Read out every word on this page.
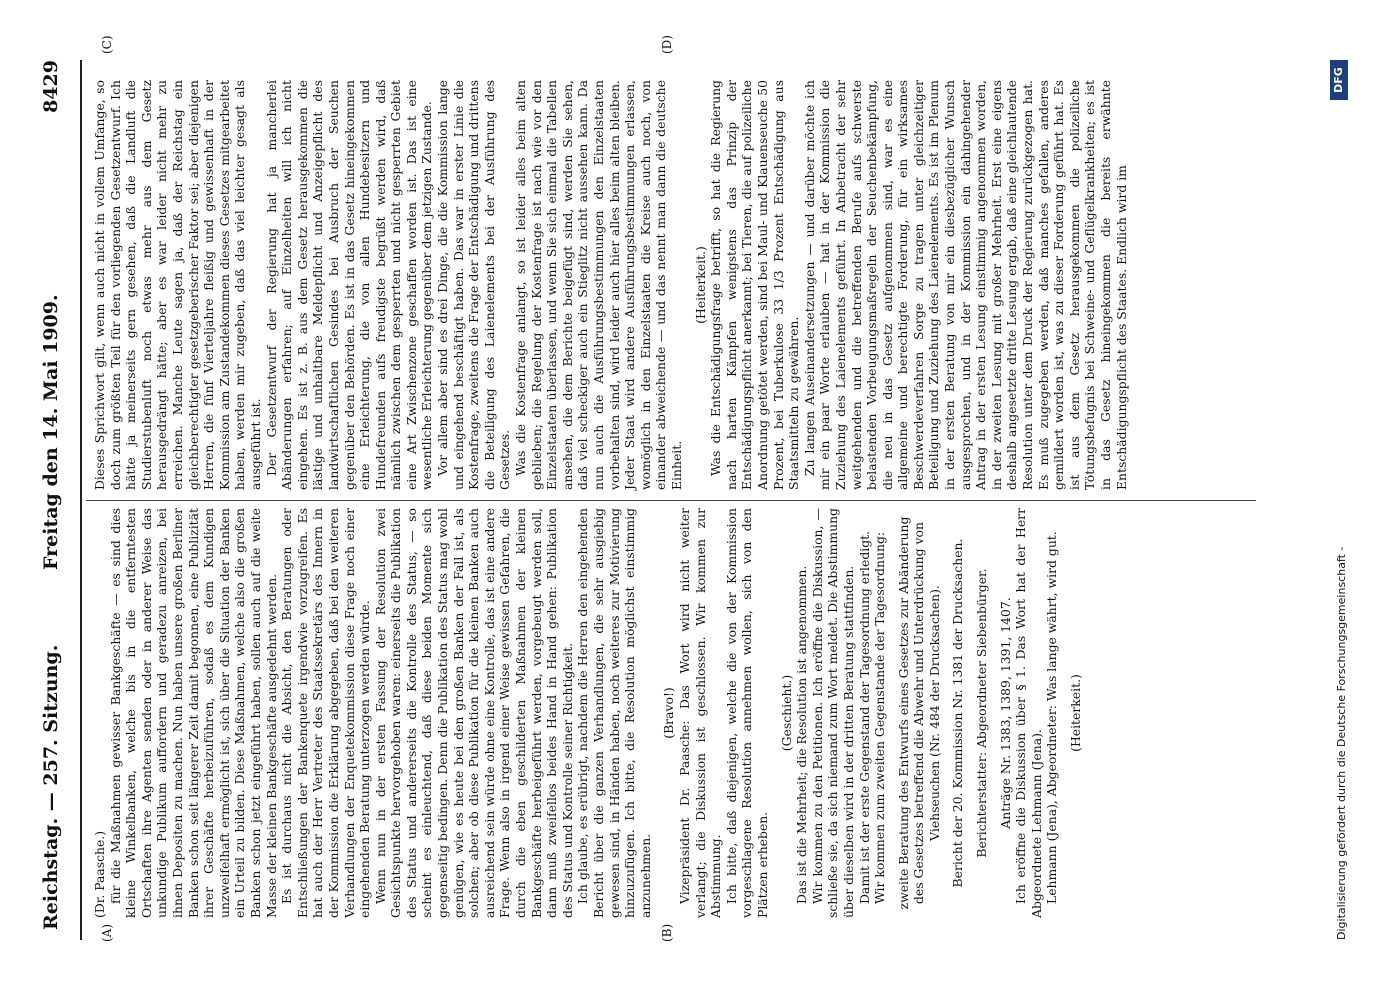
Reichstag. — 257. Sitzung.
Freitag den 14. Mai 1909.
8429
(A)	(B)
(C)	(D)

(Dr. Paasche.) für die Maßnahmen gewisser Bankgeschäfte — es sind dies kleine Winkelbanken, welche bis in die entferntesten Ortschaften ihre Agenten senden oder in anderer Weise das unkundige Publikum auffordern und geradezu anreizen, bei ihnen Depositen zu machen. Nun haben unsere großen Berliner Banken schon seit längerer Zeit damit begonnen, eine Publizität ihrer Geschäfte herbeizuführen, sodaß es dem Kundigen unzweifelhaft ermöglicht ist, sich über die Situation der Banken ein Urteil zu bilden. Diese Maßnahmen, welche also die großen Banken schon jetzt eingeführt haben, sollen auch auf die weite Masse der kleinen Bankgeschäfte ausgedehnt werden. Es ist durchaus nicht die Absicht, den Beratungen oder Entschließungen der Bankenquete irgendwie vorzugreifen. Es hat auch der Herr Vertreter des Staatssekretärs des Innern in der Kommission die Erklärung abgegeben, daß bei den weiteren Verhandlungen der Enquetekommission diese Frage noch einer eingehenden Beratung unterzogen werden würde. Wenn nun in der ersten Fassung der Resolution zwei Gesichtspunkte hervorgehoben waren: einerseits die Publikation des Status und andererseits die Kontrolle des Status, — so scheint es einleuchtend, daß diese beiden Momente sich gegenseitig bedingen. Denn die Publikation des Status mag wohl genügen, wie es heute bei den großen Banken der Fall ist, als solchen; aber ob diese Publikation für die kleinen Banken auch ausreichend sein würde ohne eine Kontrolle, das ist eine andere Frage. Wenn also in irgend einer Weise gewissen Gefahren, die durch die eben geschilderten Maßnahmen der kleinen Bankgeschäfte herbeigeführt werden, vorgebeugt werden soll, dann muß zweifellos beides Hand in Hand gehen: Publikation des Status und Kontrolle seiner Richtigkeit. Ich glaube, es erübrigt, nachdem die Herren den eingehenden Bericht über die ganzen Verhandlungen, die sehr ausgiebig gewesen sind, in Händen haben, noch weiteres zur Motivierung hinzuzufügen. Ich bitte, die Resolution möglichst einstimmig anzunehmen.

(Bravo!) Vizepräsident Dr. Paasche: Das Wort wird nicht weiter verlangt; die Diskussion ist geschlossen. Wir kommen zur Abstimmung. Ich bitte, daß diejenigen, welche die von der Kommission vorgeschlagene Resolution annehmen wollen, sich von den Plätzen erheben.

(Geschieht.) Das ist die Mehrheit; die Resolution ist angenommen. Wir kommen zu den Petitionen. Ich eröffne die Diskussion, — schließe sie, da sich niemand zum Wort meldet. Die Abstimmung über dieselben wird in der dritten Beratung stattfinden. Damit ist der erste Gegenstand der Tagesordnung erledigt. Wir kommen zum zweiten Gegenstande der Tagesordnung: zweite Beratung des Entwurfs eines Gesetzes zur Abänderung des Gesetzes betreffend die Abwehr und Unterdrückung von Viehseuchen (Nr. 484 der Drucksachen). Bericht der 20. Kommission Nr. 1381 der Drucksachen. Berichterstatter: Abgeordneter Siebenbürger. Anträge Nr. 1383, 1389, 1391, 1407. Ich eröffne die Diskussion über § 1. Das Wort hat der Herr Abgeordnete Lehmann (Jena). Lehmann (Jena), Abgeordneter: Was lange währt, wird gut. (Heiterkeit.)

Dieses Sprichwort gilt, wenn auch nicht in vollem Umfange, so doch zum größten Teil für den vorliegenden Gesetzentwurf. Ich hätte ja meinerseits gern gesehen, daß die Landluft die Studierstubenluft noch etwas mehr aus dem Gesetz herausgedrängt hätte; aber es war leider nicht mehr zu erreichen. Manche Leute sagen ja, daß der Reichstag ein gleichberechtigter gesetzgeberischer Faktor sei; aber diejenigen Herren, die fünf Vierteljahre fleißig und gewissenhaft in der Kommission am Zustandekommen dieses Gesetzes mitgearbeitet haben, werden mir zugeben, daß das viel leichter gesagt als ausgeführt ist. Der Gesetzentwurf der Regierung hat ja mancherlei Abänderungen erfahren; auf Einzelheiten will ich nicht eingehen. Es ist z. B. aus dem Gesetz herausgekommen die lästige und unhaltbare Meldepflicht und Anzeigepflicht des landwirtschaftlichen Gesindes bei Ausbruch der Seuchen gegenüber den Behörden. Es ist in das Gesetz hineingekommen eine Erleichterung, die von allen Hundebesitzern und Hundefreunden aufs freudigste begrüßt werden wird, daß nämlich zwischen dem gesperrten und nicht gesperrten Gebiet eine Art Zwischenzone geschaffen worden ist. Das ist eine wesentliche Erleichterung gegenüber dem jetzigen Zustande. Vor allem aber sind es drei Dinge, die die Kommission lange und eingehend beschäftigt haben. Das war in erster Linie die Kostenfrage, zweitens die Frage der Entschädigung und drittens die Beteiligung des Laienelements bei der Ausführung des Gesetzes. Was die Kostenfrage anlangt, so ist leider alles beim alten geblieben; die Regelung der Kostenfrage ist nach wie vor den Einzelstaaten überlassen, und wenn Sie sich einmal die Tabellen ansehen, die dem Berichte beigefügt sind, werden Sie sehen, daß viel scheckiger auch ein Stieglitz nicht aussehen kann. Da nun auch die Ausführungsbestimmungen den Einzelstaaten vorbehalten sind, wird leider auch hier alles beim alten bleiben. Jeder Staat wird andere Ausführungsbestimmungen erlassen, womöglich in den Einzelstaaten die Kreise auch noch, von einander abweichende — und das nennt man dann die deutsche Einheit.

(Heiterkeit.) Was die Entschädigungsfrage betrifft, so hat die Regierung nach harten Kämpfen wenigstens das Prinzip der Entschädigungspflicht anerkannt; bei Tieren, die auf polizeiliche Anordnung getötet werden, sind bei Maul- und Klauenseuche 50 Prozent, bei Tuberkulose 33 1/3 Prozent Entschädigung aus Staatsmitteln zu gewähren. Zu langen Auseinandersetzungen — und darüber möchte ich mir ein paar Worte erlauben — hat in der Kommission die Zuziehung des Laienelements geführt. In Anbetracht der sehr weitgehenden und die betreffenden Berufe aufs schwerste belastenden Vorbeugungsmaßregeln der Seuchenbekämpfung, die neu in das Gesetz aufgenommen sind, war es eine allgemeine und berechtigte Forderung, für ein wirksames Beschwerdeverfahren Sorge zu tragen unter gleichzeitiger Beteiligung und Zuziehung des Laienelements. Es ist im Plenum in der ersten Beratung von mir ein diesbezüglicher Wunsch ausgesprochen, und in der Kommission ein dahingehender Antrag in der ersten Lesung einstimmig angenommen worden, in der zweiten Lesung mit großer Mehrheit. Erst eine eigens deshalb angesetzte dritte Lesung ergab, daß eine gleichlautende Resolution unter dem Druck der Regierung zurückgezogen hat. Es muß zugegeben werden, daß manches gefallen, anderes gemildert worden ist, was zu dieser Forderung geführt hat. Es ist aus dem Gesetz herausgekommen die polizeiliche Tötungsbefugnis bei Schweine- und Geflügelkrankheiten; es ist in das Gesetz hineingekommen die bereits erwähnte Entschädigungspflicht des Staates. Endlich wird im

Digitalisierung gefördert durch die Deutsche Forschungsgemeinschaft -
DFG
